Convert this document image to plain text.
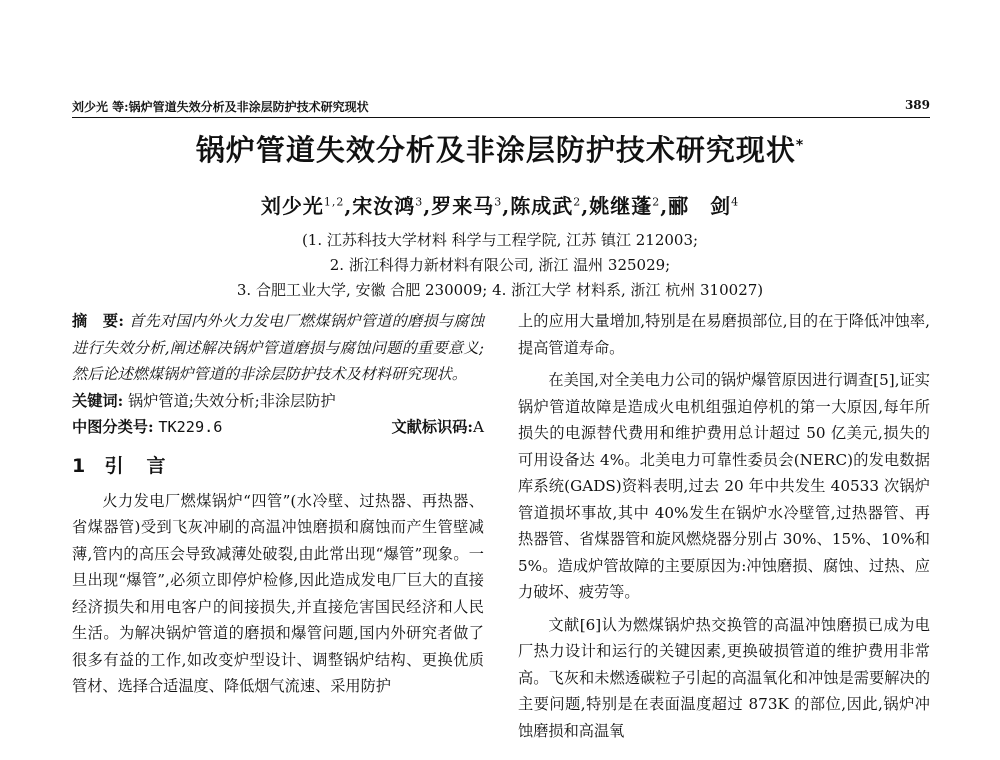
刘少光 等:锅炉管道失效分析及非涂层防护技术研究现状	389
锅炉管道失效分析及非涂层防护技术研究现状*
刘少光$^{1,2}$,宋汝鸿$^3$,罗来马$^3$,陈成武$^2$,姚继蓬$^2$,郦　剑$^4$
(1. 江苏科技大学材料 科学与工程学院, 江苏 镇江 212003;
2. 浙江科得力新材料有限公司, 浙江 温州 325029;
3. 合肥工业大学, 安徽 合肥 230009; 4. 浙江大学 材料系, 浙江 杭州 310027)

摘　要: 首先对国内外火力发电厂燃煤锅炉管道的磨损与腐蚀进行失效分析,阐述解决锅炉管道磨损与腐蚀问题的重要意义;然后论述燃煤锅炉管道的非涂层防护技术及材料研究现状。

关键词: 锅炉管道;失效分析;非涂层防护
中图分类号: TK229.6	文献标识码:A
1 引　言

火力发电厂燃煤锅炉“四管”(水冷壁、过热器、再热器、省煤器管)受到飞灰冲刷的高温冲蚀磨损和腐蚀而产生管壁减薄,管内的高压会导致减薄处破裂,由此常出现“爆管”现象。一旦出现“爆管”,必须立即停炉检修,因此造成发电厂巨大的直接经济损失和用电客户的间接损失,并直接危害国民经济和人民生活。为解决锅炉管道的磨损和爆管问题,国内外研究者做了很多有益的工作,如改变炉型设计、调整锅炉结构、更换优质管材、选择合适温度、降低烟气流速、采用防护

上的应用大量增加,特别是在易磨损部位,目的在于降低冲蚀率,提高管道寿命。

在美国,对全美电力公司的锅炉爆管原因进行调查[5],证实锅炉管道故障是造成火电机组强迫停机的第一大原因,每年所损失的电源替代费用和维护费用总计超过 50 亿美元,损失的可用设备达 4%。北美电力可靠性委员会(NERC)的发电数据库系统(GADS)资料表明,过去 20 年中共发生 40533 次锅炉管道损坏事故,其中 40%发生在锅炉水冷壁管,过热器管、再热器管、省煤器管和旋风燃烧器分别占 30%、15%、10%和 5%。造成炉管故障的主要原因为:冲蚀磨损、腐蚀、过热、应力破坏、疲劳等。

文献[6]认为燃煤锅炉热交换管的高温冲蚀磨损已成为电厂热力设计和运行的关键因素,更换破损管道的维护费用非常高。飞灰和未燃透碳粒子引起的高温氧化和冲蚀是需要解决的主要问题,特别是在表面温度超过 873K 的部位,因此,锅炉冲蚀磨损和高温氧
